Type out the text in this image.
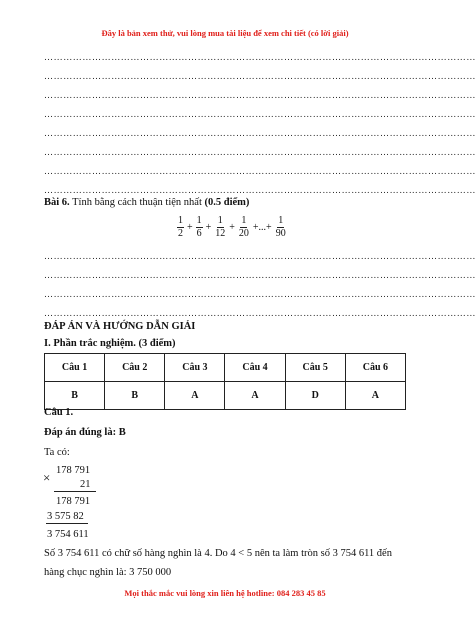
Đây là bản xem thử, vui lòng mua tài liệu để xem chi tiết (có lời giải)
………………………………………………………………………………………………………………………
………………………………………………………………………………………………………………………
………………………………………………………………………………………………………………………
………………………………………………………………………………………………………………………
………………………………………………………………………………………………………………………
………………………………………………………………………………………………………………………
………………………………………………………………………………………………………………………
………………………………………………………………………………………………………………………
Bài 6. Tính bằng cách thuận tiện nhất (0.5 điểm)
1
2
+ $\frac{1}{6} + \frac{1}{12} + \frac{1}{20}$ +...+ $\frac{1}{90}$
………………………………………………………………………………………………………………………
………………………………………………………………………………………………………………………
………………………………………………………………………………………………………………………
………………………………………………………………………………………………………………………
ĐÁP ÁN VÀ HƯỚNG DẪN GIẢI
I. Phần trắc nghiệm. (3 điểm)
Câu 1	Câu 2	Câu 3	Câu 4	Câu 5	Câu 6
B	B	A	A	D	A
Câu 1.
Đáp án đúng là: B
Ta có:
178 791
×	21
178 791
3 575 82
3 754 611
Số 3 754 611 có chữ số hàng nghìn là 4. Do 4 < 5 nên ta làm tròn số 3 754 611 đến
hàng chục nghìn là: 3 750 000
Mọi thắc mắc vui lòng xin liên hệ hotline: 084 283 45 85
